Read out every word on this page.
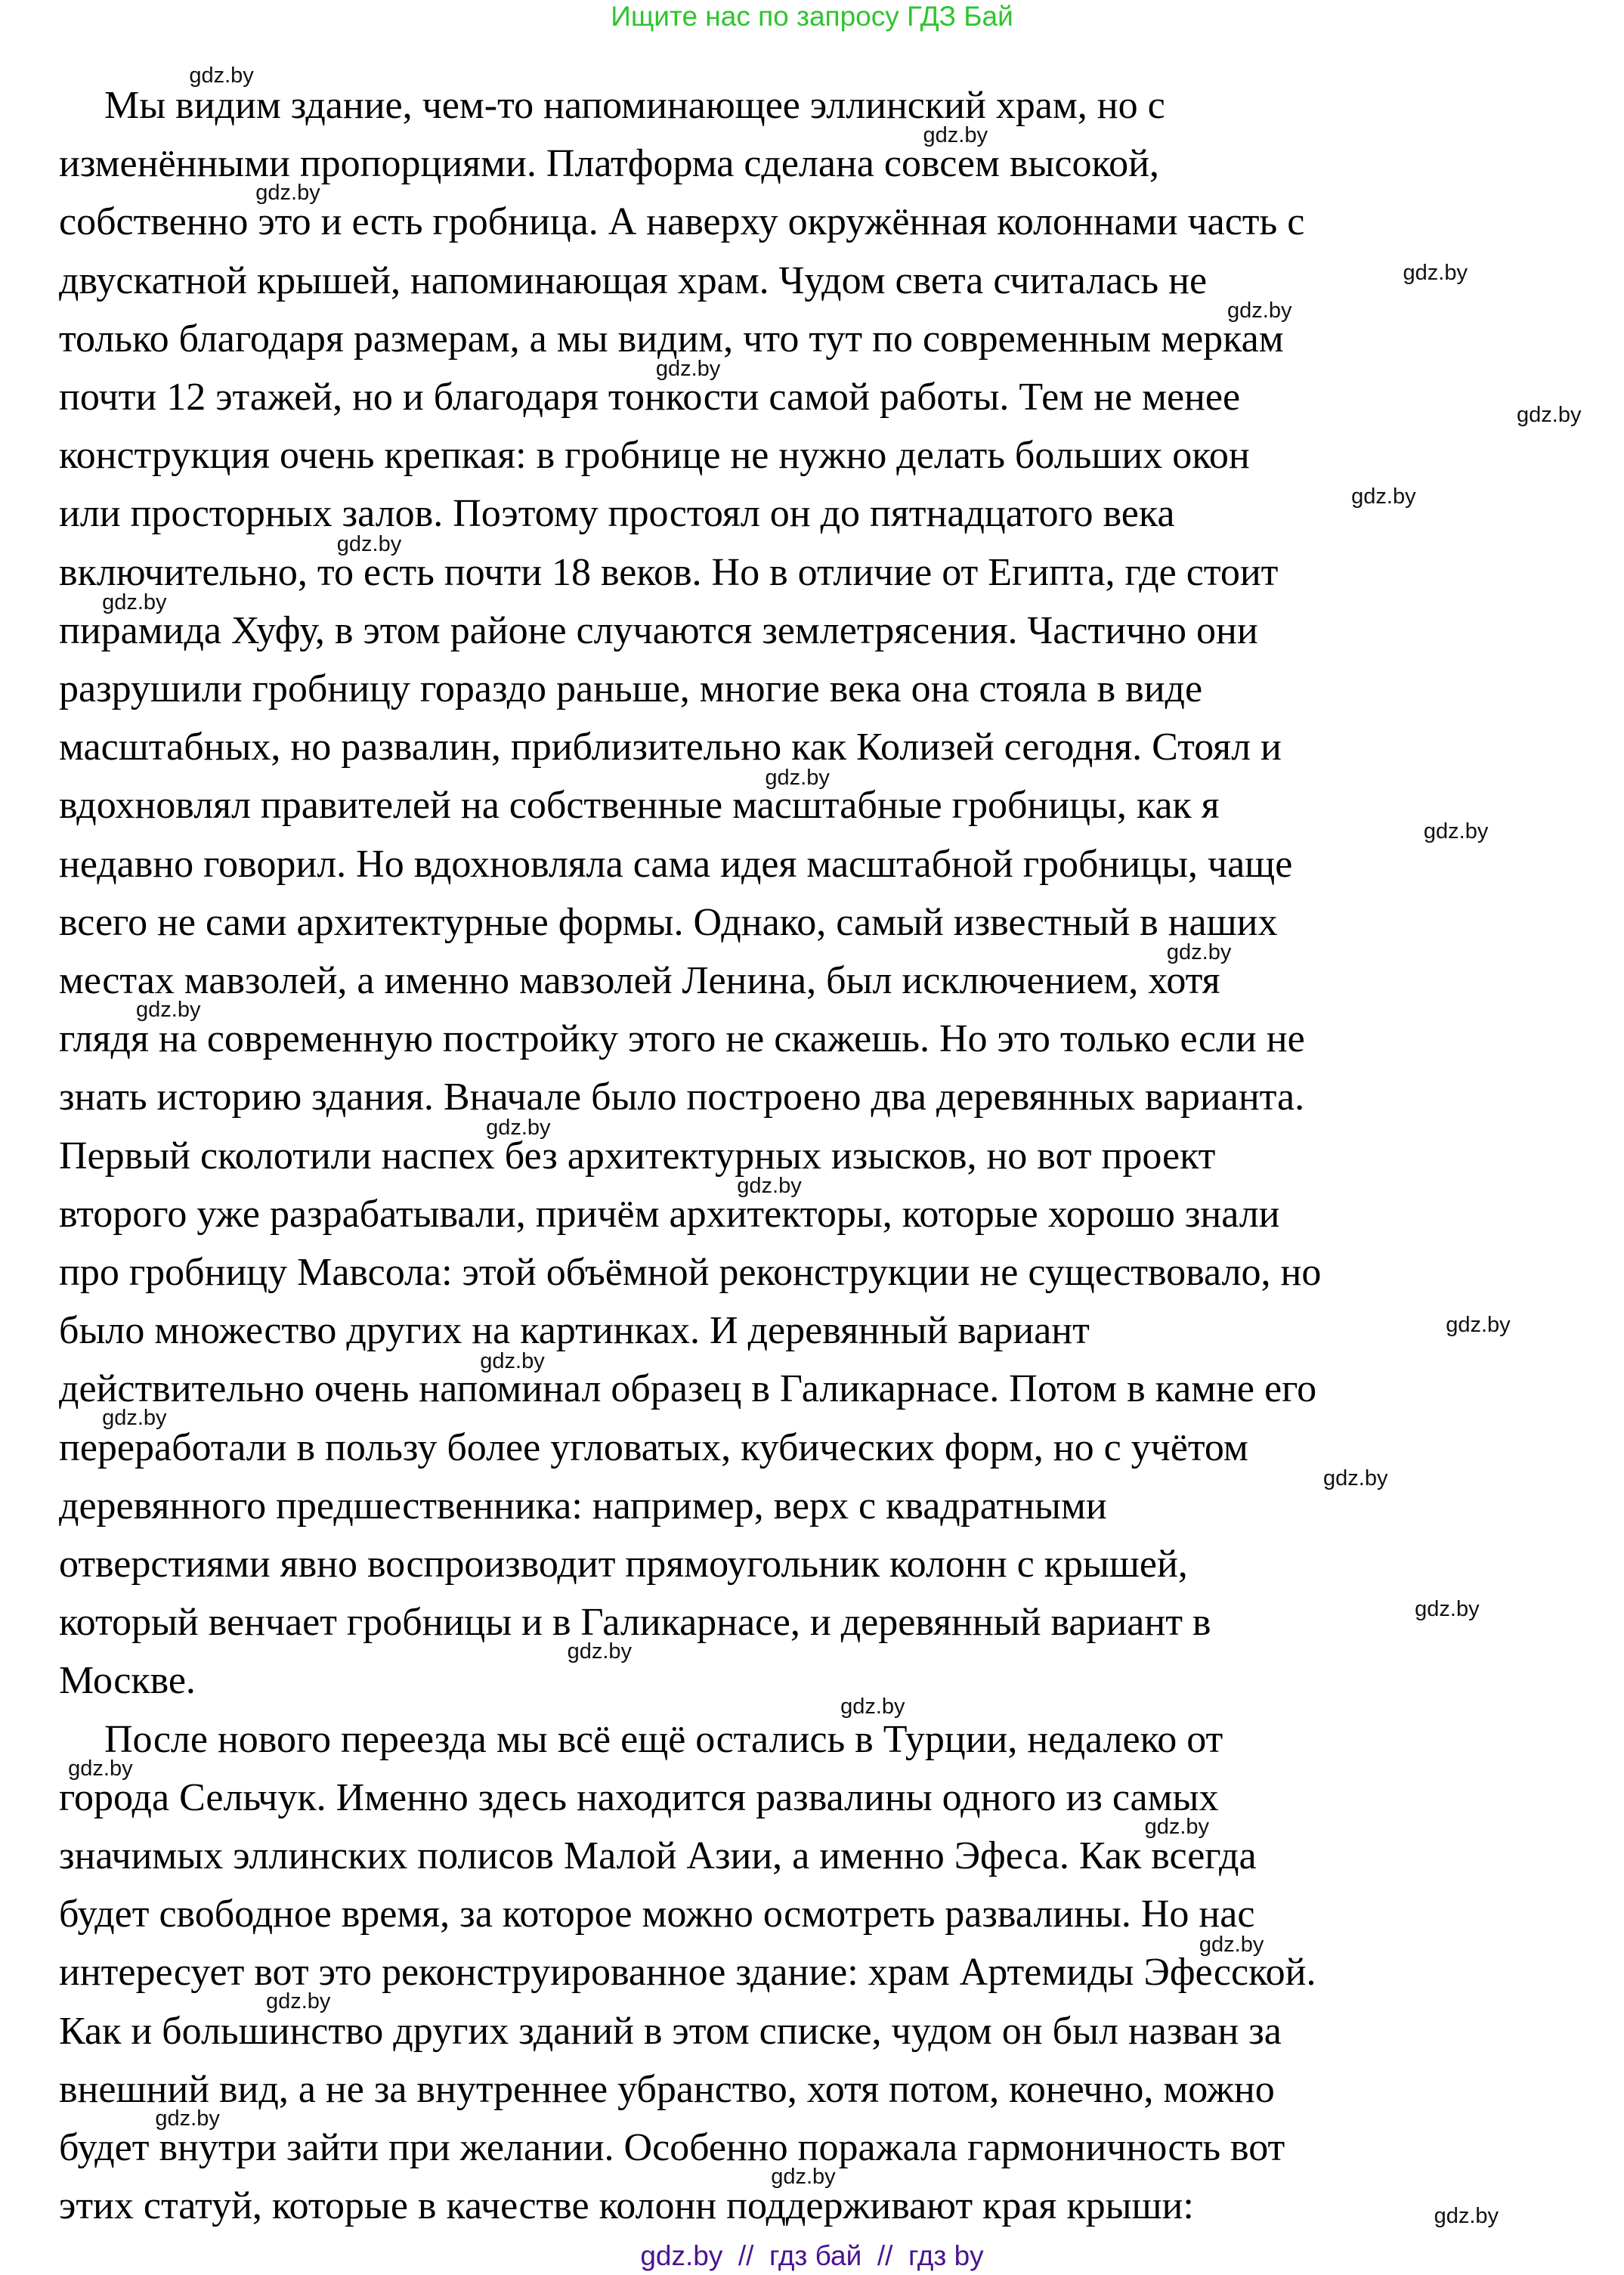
Ищите нас по запросу ГДЗ Бай
Мы видим здание, чем-то напоминающее эллинский храм, но с
изменёнными пропорциями. Платформа сделана совсем высокой,
собственно это и есть гробница. А наверху окружённая колоннами часть с
двускатной крышей, напоминающая храм. Чудом света считалась не
только благодаря размерам, а мы видим, что тут по современным меркам
почти 12 этажей, но и благодаря тонкости самой работы. Тем не менее
конструкция очень крепкая: в гробнице не нужно делать больших окон
или просторных залов. Поэтому простоял он до пятнадцатого века
включительно, то есть почти 18 веков. Но в отличие от Египта, где стоит
пирамида Хуфу, в этом районе случаются землетрясения. Частично они
разрушили гробницу гораздо раньше, многие века она стояла в виде
масштабных, но развалин, приблизительно как Колизей сегодня. Стоял и
вдохновлял правителей на собственные масштабные гробницы, как я
недавно говорил. Но вдохновляла сама идея масштабной гробницы, чаще
всего не сами архитектурные формы. Однако, самый известный в наших
местах мавзолей, а именно мавзолей Ленина, был исключением, хотя
глядя на современную постройку этого не скажешь. Но это только если не
знать историю здания. Вначале было построено два деревянных варианта.
Первый сколотили наспех без архитектурных изысков, но вот проект
второго уже разрабатывали, причём архитекторы, которые хорошо знали
про гробницу Мавсола: этой объёмной реконструкции не существовало, но
было множество других на картинках. И деревянный вариант
действительно очень напоминал образец в Галикарнасе. Потом в камне его
переработали в пользу более угловатых, кубических форм, но с учётом
деревянного предшественника: например, верх с квадратными
отверстиями явно воспроизводит прямоугольник колонн с крышей,
который венчает гробницы и в Галикарнасе, и деревянный вариант в
Москве.
После нового переезда мы всё ещё остались в Турции, недалеко от
города Сельчук. Именно здесь находится развалины одного из самых
значимых эллинских полисов Малой Азии, а именно Эфеса. Как всегда
будет свободное время, за которое можно осмотреть развалины. Но нас
интересует вот это реконструированное здание: храм Артемиды Эфесской.
Как и большинство других зданий в этом списке, чудом он был назван за
внешний вид, а не за внутреннее убранство, хотя потом, конечно, можно
будет внутри зайти при желании. Особенно поражала гармоничность вот
этих статуй, которые в качестве колонн поддерживают края крыши:
gdz.by
gdz.by
gdz.by
gdz.by
gdz.by
gdz.by
gdz.by
gdz.by
gdz.by
gdz.by
gdz.by
gdz.by
gdz.by
gdz.by
gdz.by
gdz.by
gdz.by
gdz.by
gdz.by
gdz.by
gdz.by
gdz.by
gdz.by
gdz.by
gdz.by
gdz.by
gdz.by
gdz.by
gdz.by
gdz.by
gdz.by  //  гдз бай  //  гдз by
